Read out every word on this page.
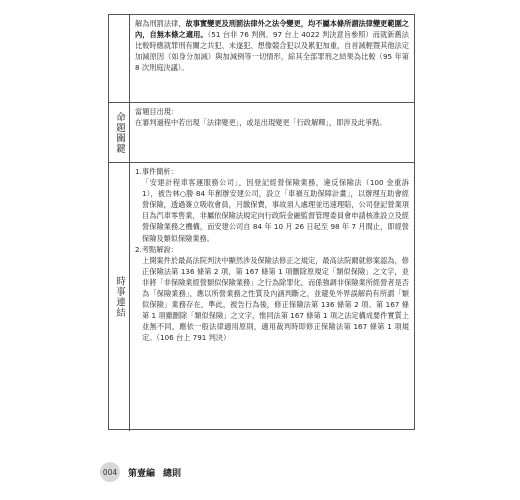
解為刑罰法律，故事實變更及刑罰法律外之法令變更，均不屬本條所謂法律變更範圍之內，自無本條之適用。（51 台非 76 判例、97 台上 4022 判決意旨參照）而就新舊法比較時應就罪刑有關之共犯、未遂犯、想像競合犯以及累犯加重，自首減輕暨其他法定加減原因（如身分加減）與加減例等一切情形，綜其全部罪刑之結果為比較（95 年第 8 次刑庭決議）。

命題關鍵 當題目出現：

在審判過程中若出現「法律變更」，或是出現變更「行政解釋」，即涉及此爭點。

時事連結

1.事件簡析：

「安建計程車客運服務公司」，因登記經營保險業務，違反保險法（100 金重訴 1），被告林○勝 84 年創辦安建公司，設立「車禍互助保障計畫」，以辦理互助會經營保險，透過簽立吸收會員，月繳保費，事故須人處理並迅速理賠，公司登記營業項目為汽車零售業，非屬依保險法規定向行政院金融監督管理委員會申請核准設立及經營保險業務之機構，而安建公司自 84 年 10 月 26 日起至 98 年 7 月間止，即經營保險及類似保險業務。

2.考點解說：

上開案件於最高法院判決中顯然涉及保險法修正之規定，最高法院爾就修案認為，修正保險法第 136 條第 2 項、第 167 條第 1 項刪除原規定「類似保險」之文字，並非將「非保險業經營類似保險業務」之行為除罪化，而係強調非保險業所經營者是否為「保險業務」，應以所營業務之性質及內涵判斷之，並避免外界誤解尚有所謂「類似保險」業務存在，準此，被告行為後，修正保險法第 136 條第 2 項、第 167 條第 1 項雖刪除「類似保險」之文字，惟同法第 167 條第 1 項之法定構成要件實質上並無不同，應依一般法律適用原則，適用裁判時即修正保險法第 167 條第 1 項規定。（106 台上 791 判決）

004 第壹編 總則
